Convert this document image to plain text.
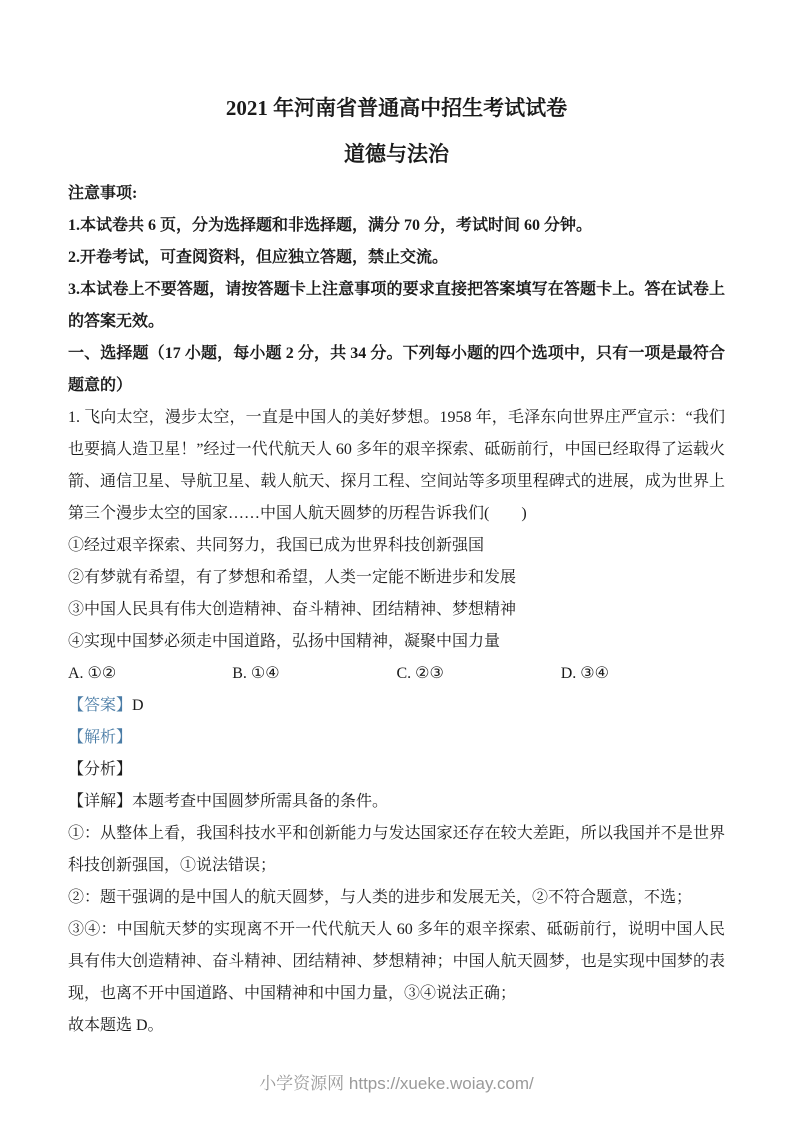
2021 年河南省普通高中招生考试试卷
道德与法治

注意事项:

1.本试卷共 6 页，分为选择题和非选择题，满分 70 分，考试时间 60 分钟。

2.开卷考试，可查阅资料，但应独立答题，禁止交流。

3.本试卷上不要答题，请按答题卡上注意事项的要求直接把答案填写在答题卡上。答在试卷上的答案无效。

一、选择题（17 小题，每小题 2 分，共 34 分。下列每小题的四个选项中，只有一项是最符合题意的）

1. 飞向太空，漫步太空，一直是中国人的美好梦想。1958 年，毛泽东向世界庄严宣示：“我们也要搞人造卫星！”经过一代代航天人 60 多年的艰辛探索、砥砺前行，中国已经取得了运载火箭、通信卫星、导航卫星、载人航天、探月工程、空间站等多项里程碑式的进展，成为世界上第三个漫步太空的国家……中国人航天圆梦的历程告诉我们(　　)

①经过艰辛探索、共同努力，我国已成为世界科技创新强国

②有梦就有希望，有了梦想和希望，人类一定能不断进步和发展

③中国人民具有伟大创造精神、奋斗精神、团结精神、梦想精神

④实现中国梦必须走中国道路，弘扬中国精神，凝聚中国力量

A. ①②	B. ①④	C. ②③	D. ③④

【答案】D

【解析】

【分析】

【详解】本题考查中国圆梦所需具备的条件。

①：从整体上看，我国科技水平和创新能力与发达国家还存在较大差距，所以我国并不是世界科技创新强国，①说法错误；

②：题干强调的是中国人的航天圆梦，与人类的进步和发展无关，②不符合题意，不选；

③④：中国航天梦的实现离不开一代代航天人 60 多年的艰辛探索、砥砺前行，说明中国人民具有伟大创造精神、奋斗精神、团结精神、梦想精神；中国人航天圆梦，也是实现中国梦的表现，也离不开中国道路、中国精神和中国力量，③④说法正确；

故本题选 D。

小学资源网 https://xueke.woiay.com/
